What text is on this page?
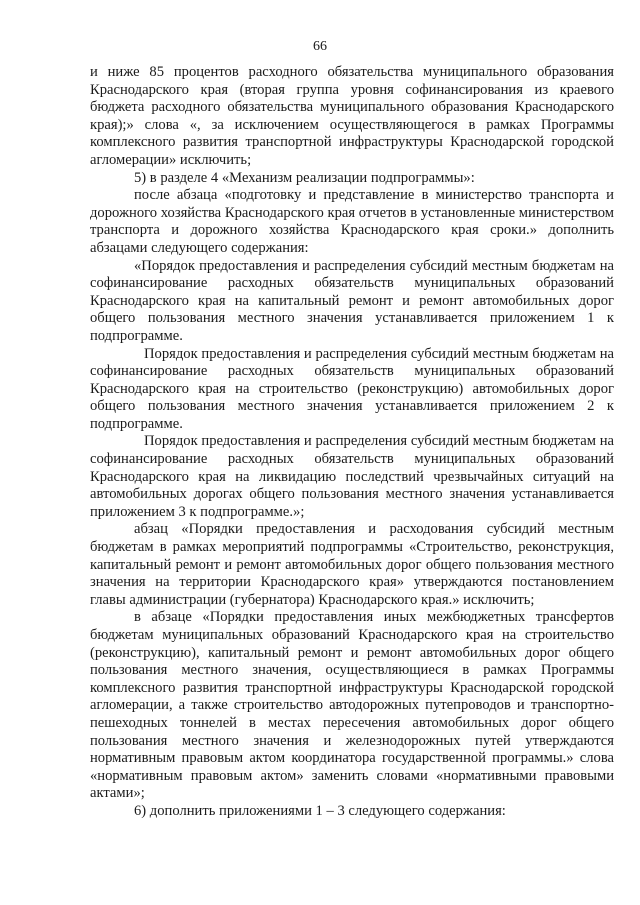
66

и ниже 85 процентов расходного обязательства муниципального образования Краснодарского края (вторая группа уровня софинансирования из краевого бюджета расходного обязательства муниципального образования Краснодарского края);» слова «, за исключением осуществляющегося в рамках Программы комплексного развития транспортной инфраструктуры Краснодарской городской агломерации» исключить;

5) в разделе 4 «Механизм реализации подпрограммы»:

после абзаца «подготовку и представление в министерство транспорта и дорожного хозяйства Краснодарского края отчетов в установленные министерством транспорта и дорожного хозяйства Краснодарского края сроки.» дополнить абзацами следующего содержания:

«Порядок предоставления и распределения субсидий местным бюджетам на софинансирование расходных обязательств муниципальных образований Краснодарского края на капитальный ремонт и ремонт автомобильных дорог общего пользования местного значения устанавливается приложением 1 к подпрограмме.

Порядок предоставления и распределения субсидий местным бюджетам на софинансирование расходных обязательств муниципальных образований Краснодарского края на строительство (реконструкцию) автомобильных дорог общего пользования местного значения устанавливается приложением 2 к подпрограмме.

Порядок предоставления и распределения субсидий местным бюджетам на софинансирование расходных обязательств муниципальных образований Краснодарского края на ликвидацию последствий чрезвычайных ситуаций на автомобильных дорогах общего пользования местного значения устанавливается приложением 3 к подпрограмме.»;

абзац «Порядки предоставления и расходования субсидий местным бюджетам в рамках мероприятий подпрограммы «Строительство, реконструкция, капитальный ремонт и ремонт автомобильных дорог общего пользования местного значения на территории Краснодарского края» утверждаются постановлением главы администрации (губернатора) Краснодарского края.» исключить;

в абзаце «Порядки предоставления иных межбюджетных трансфертов бюджетам муниципальных образований Краснодарского края на строительство (реконструкцию), капитальный ремонт и ремонт автомобильных дорог общего пользования местного значения, осуществляющиеся в рамках Программы комплексного развития транспортной инфраструктуры Краснодарской городской агломерации, а также строительство автодорожных путепроводов и транспортно-пешеходных тоннелей в местах пересечения автомобильных дорог общего пользования местного значения и железнодорожных путей утверждаются нормативным правовым актом координатора государственной программы.» слова «нормативным правовым актом» заменить словами «нормативными правовыми актами»;

6) дополнить приложениями 1 – 3 следующего содержания:
